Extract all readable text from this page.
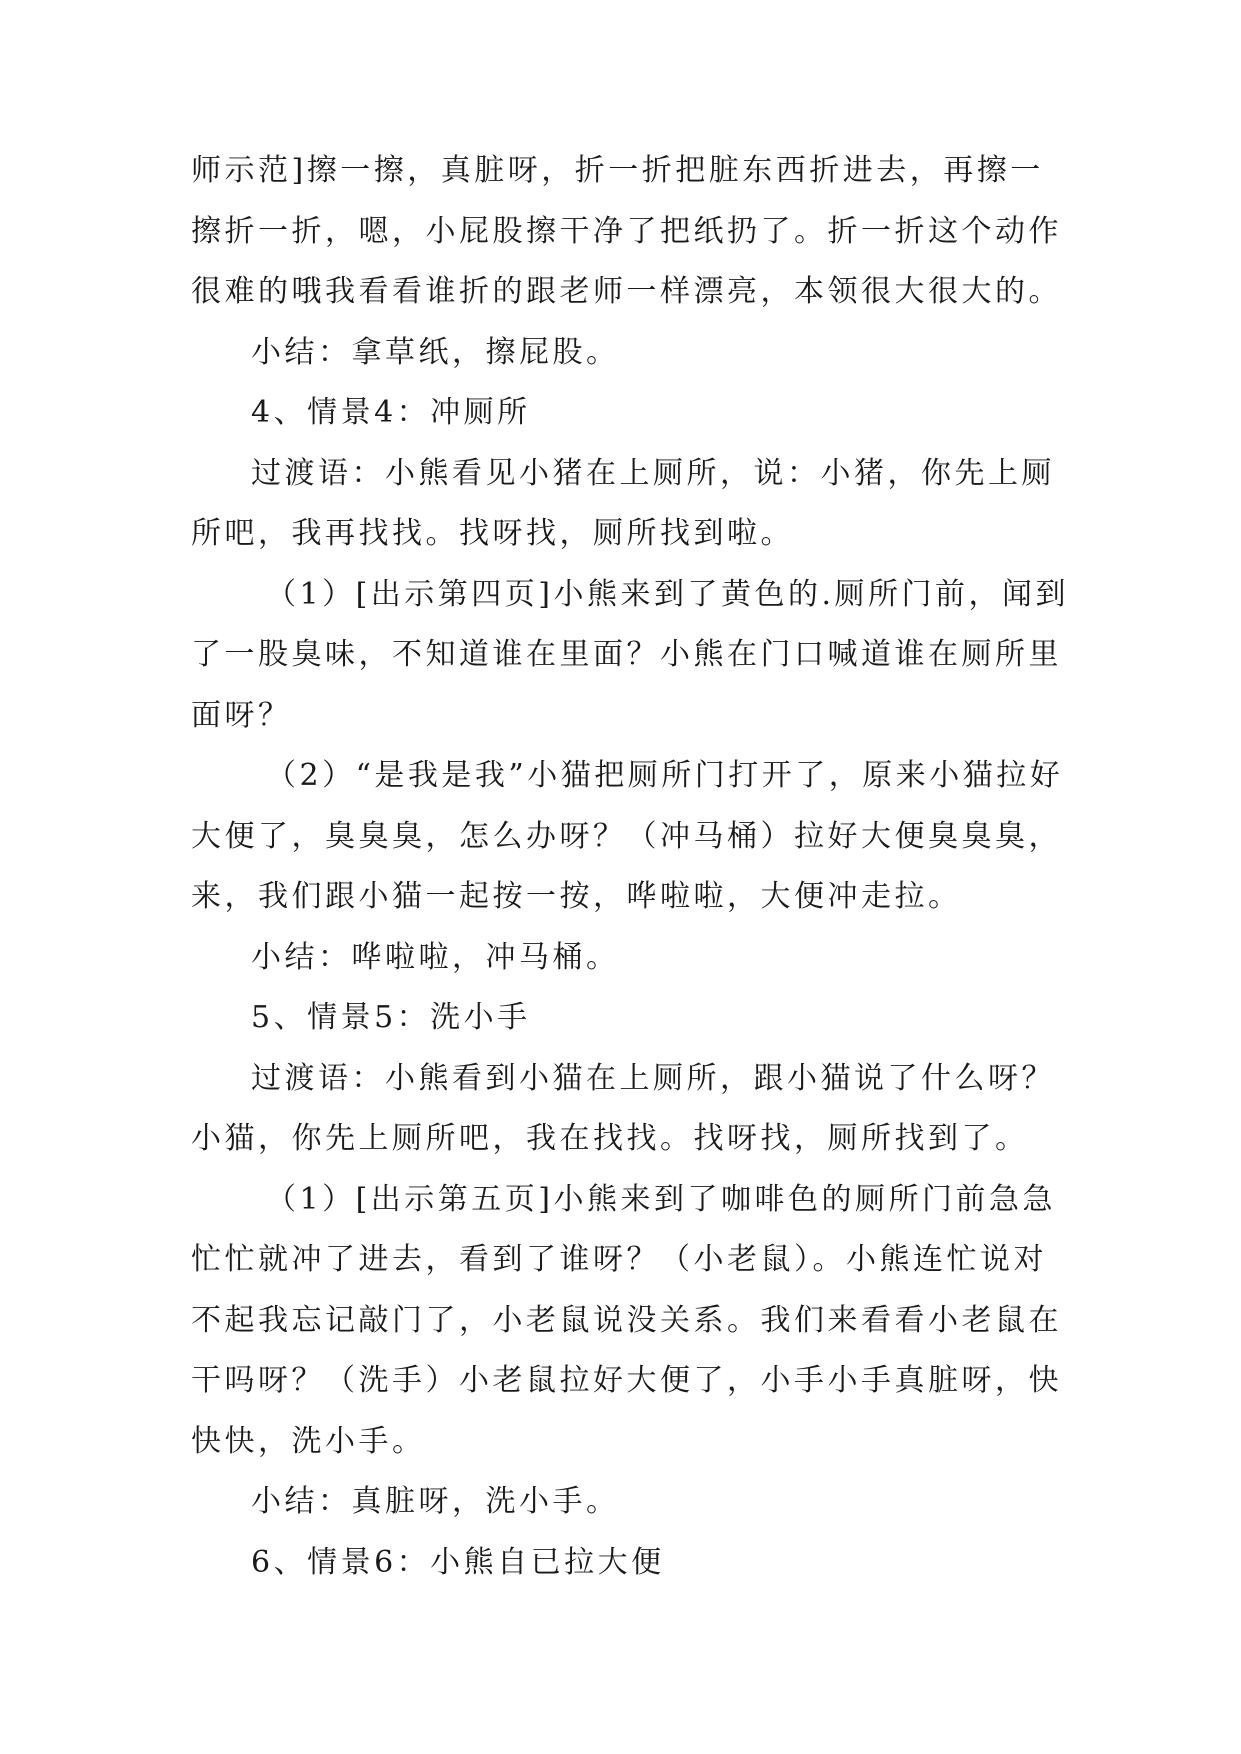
师示范]擦一擦，真脏呀，折一折把脏东西折进去，再擦一
擦折一折，嗯，小屁股擦干净了把纸扔了。折一折这个动作
很难的哦我看看谁折的跟老师一样漂亮，本领很大很大的。
小结：拿草纸，擦屁股。
4、情景4：冲厕所
过渡语：小熊看见小猪在上厕所，说：小猪，你先上厕
所吧，我再找找。找呀找，厕所找到啦。
（1）[出示第四页]小熊来到了黄色的.厕所门前，闻到
了一股臭味，不知道谁在里面？小熊在门口喊道谁在厕所里
面呀？
（2）“是我是我”小猫把厕所门打开了，原来小猫拉好
大便了，臭臭臭，怎么办呀？（冲马桶）拉好大便臭臭臭，
来，我们跟小猫一起按一按，哗啦啦，大便冲走拉。
小结：哗啦啦，冲马桶。
5、情景5：洗小手
过渡语：小熊看到小猫在上厕所，跟小猫说了什么呀？
小猫，你先上厕所吧，我在找找。找呀找，厕所找到了。
（1）[出示第五页]小熊来到了咖啡色的厕所门前急急
忙忙就冲了进去，看到了谁呀？（小老鼠）。小熊连忙说对
不起我忘记敲门了，小老鼠说没关系。我们来看看小老鼠在
干吗呀？（洗手）小老鼠拉好大便了，小手小手真脏呀，快
快快，洗小手。
小结：真脏呀，洗小手。
6、情景6：小熊自已拉大便
